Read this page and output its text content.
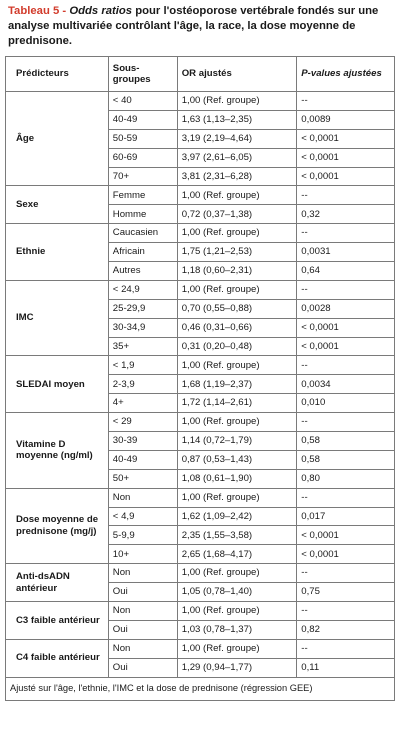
Tableau 5 - Odds ratios pour l'ostéoporose vertébrale fondés sur une analyse multivariée contrôlant l'âge, la race, la dose moyenne de prednisone.
Prédicteurs	Sous-groupes	OR ajustés	P-values ajustées
Âge	< 40	1,00 (Ref. groupe)	--
	40-49	1,63 (1,13–2,35)	0,0089
	50-59	3,19 (2,19–4,64)	< 0,0001
	60-69	3,97 (2,61–6,05)	< 0,0001
	70+	3,81 (2,31–6,28)	< 0,0001
Sexe	Femme	1,00 (Ref. groupe)	--
	Homme	0,72 (0,37–1,38)	0,32
Ethnie	Caucasien	1,00 (Ref. groupe)	--
	Africain	1,75 (1,21–2,53)	0,0031
	Autres	1,18 (0,60–2,31)	0,64
IMC	< 24,9	1,00 (Ref. groupe)	--
	25-29,9	0,70 (0,55–0,88)	0,0028
	30-34,9	0,46 (0,31–0,66)	< 0,0001
	35+	0,31 (0,20–0,48)	< 0,0001
SLEDAI moyen	< 1,9	1,00 (Ref. groupe)	--
	2-3,9	1,68 (1,19–2,37)	0,0034
	4+	1,72 (1,14–2,61)	0,010
Vitamine D moyenne (ng/ml)	< 29	1,00 (Ref. groupe)	--
	30-39	1,14 (0,72–1,79)	0,58
	40-49	0,87 (0,53–1,43)	0,58
	50+	1,08 (0,61–1,90)	0,80
Dose moyenne de prednisone (mg/j)	Non	1,00 (Ref. groupe)	--
	< 4,9	1,62 (1,09–2,42)	0,017
	5-9,9	2,35 (1,55–3,58)	< 0,0001
	10+	2,65 (1,68–4,17)	< 0,0001
Anti-dsADN antérieur	Non	1,00 (Ref. groupe)	--
	Oui	1,05 (0,78–1,40)	0,75
C3 faible antérieur	Non	1,00 (Ref. groupe)	--
	Oui	1,03 (0,78–1,37)	0,82
C4 faible antérieur	Non	1,00 (Ref. groupe)	--
	Oui	1,29 (0,94–1,77)	0,11
Ajusté sur l'âge, l'ethnie, l'IMC et la dose de prednisone (régression GEE)			
